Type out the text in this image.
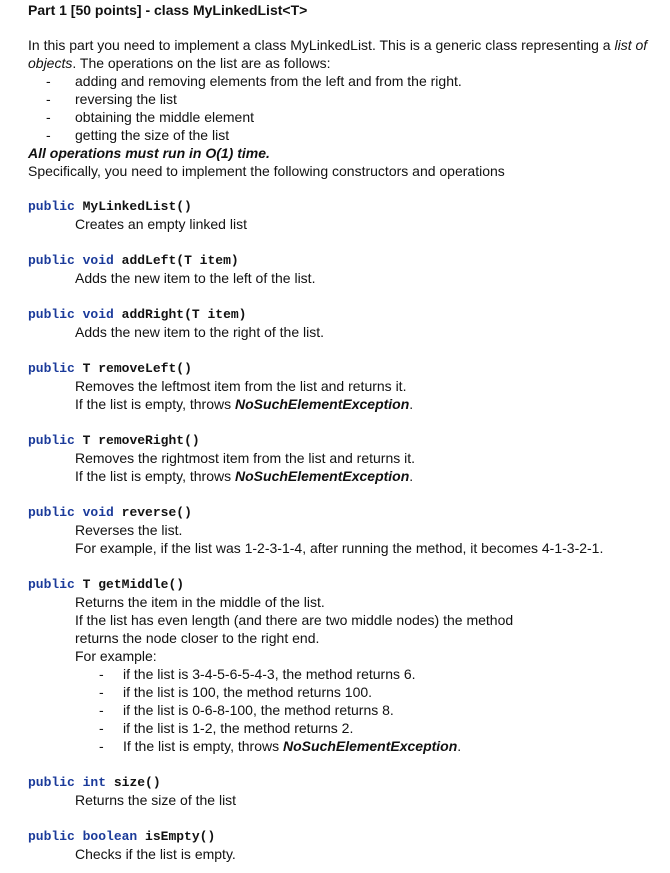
Part 1 [50 points] - class MyLinkedList<T>

In this part you need to implement a class MyLinkedList. This is a generic class representing a list of objects. The operations on the list are as follows:

- adding and removing elements from the left and from the right.
- reversing the list
- obtaining the middle element
- getting the size of the list

All operations must run in O(1) time.

Specifically, you need to implement the following constructors and operations

public MyLinkedList()

Creates an empty linked list

public void addLeft(T item)

Adds the new item to the left of the list.

public void addRight(T item)

Adds the new item to the right of the list.

public T removeLeft()

Removes the leftmost item from the list and returns it.

If the list is empty, throws NoSuchElementException.

public T removeRight()

Removes the rightmost item from the list and returns it.

If the list is empty, throws NoSuchElementException.

public void reverse()

Reverses the list.

For example, if the list was 1-2-3-1-4, after running the method, it becomes 4-1-3-2-1.

public T getMiddle()

Returns the item in the middle of the list.

If the list has even length (and there are two middle nodes) the method

returns the node closer to the right end.

For example:

- if the list is 3-4-5-6-5-4-3, the method returns 6.
- if the list is 100, the method returns 100.
- if the list is 0-6-8-100, the method returns 8.
- if the list is 1-2, the method returns 2.
- If the list is empty, throws NoSuchElementException.
public int size()

Returns the size of the list

public boolean isEmpty()

Checks if the list is empty.
